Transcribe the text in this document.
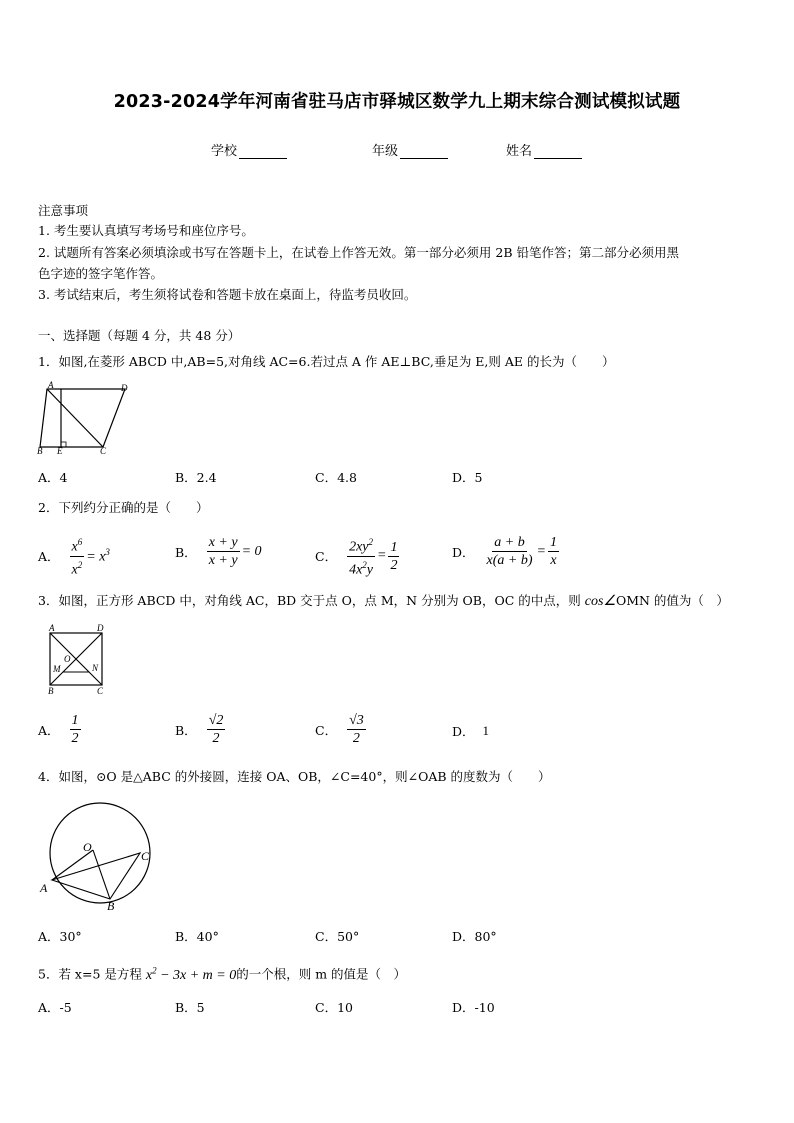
2023-2024学年河南省驻马店市驿城区数学九上期末综合测试模拟试题
学校	年级	姓名
注意事项
1. 考生要认真填写考场号和座位序号。
2. 试题所有答案必须填涂或书写在答题卡上，在试卷上作答无效。第一部分必须用 2B 铅笔作答；第二部分必须用黑
色字迹的签字笔作答。
3. 考试结束后，考生须将试卷和答题卡放在桌面上，待监考员收回。
一、选择题（每题 4 分，共 48 分）
1．如图,在菱形 ABCD 中,AB=5,对角线 AC=6.若过点 A 作 AE⊥BC,垂足为 E,则 AE 的长为（　　）
A	D
B E	C
A．4	B．2.4	C．4.8	D．5
2．下列约分正确的是（　　）
A． $\frac{x^6}{x^2} = x^3$	B． $\frac{x + y}{x + y} = 0$	C． $\frac{2xy^2}{4x^2y} = \frac{1}{2}$	D． $\frac{a + b}{x(a + b)} = \frac{1}{x}$
3．如图，正方形 ABCD 中，对角线 AC，BD 交于点 O，点 M，N 分别为 OB，OC 的中点，则 cos∠OMN 的值为（　）
A	D
O
M	N
B	C
A． $\frac{1}{2}$	B． $\frac{√2}{2}$	C． $\frac{√3}{2}$	D． 1
4．如图，⊙O 是△ABC 的外接圆，连接 OA、OB，∠C=40°，则∠OAB 的度数为（　　）
O
C
A
B
A．30°	B．40°	C．50°	D．80°
5．若 x=5 是方程 $x^2 - 3x + m = 0$的一个根，则 m 的值是（　）
A．-5	B．5	C．10	D．-10
